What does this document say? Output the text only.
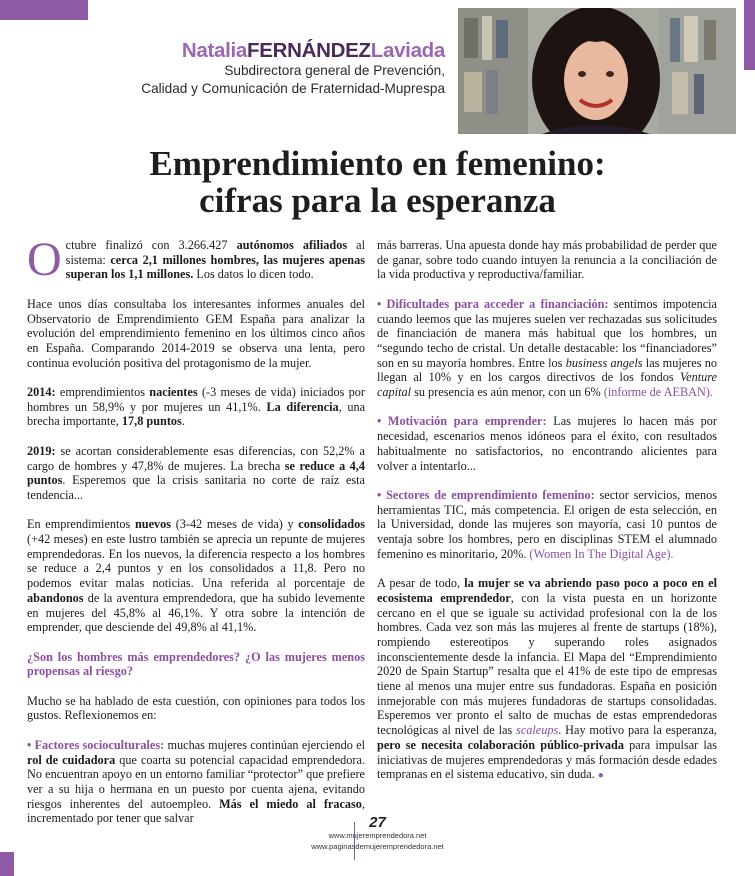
NataliaFERNÁNDEZLaviada
Subdirectora general de Prevención,
Calidad y Comunicación de Fraternidad-Muprespa
Emprendimiento en femenino:
cifras para la esperanza

Octubre finalizó con 3.266.427 autónomos afiliados al sistema: cerca 2,1 millones hombres, las mujeres apenas superan los 1,1 millones. Los datos lo dicen todo.

Hace unos días consultaba los interesantes informes anuales del Observatorio de Emprendimiento GEM España para analizar la evolución del emprendimiento femenino en los últimos cinco años en España. Comparando 2014-2019 se observa una lenta, pero continua evolución positiva del protagonismo de la mujer.

2014: emprendimientos nacientes (-3 meses de vida) iniciados por hombres un 58,9% y por mujeres un 41,1%. La diferencia, una brecha importante, 17,8 puntos.

2019: se acortan considerablemente esas diferencias, con 52,2% a cargo de hombres y 47,8% de mujeres. La brecha se reduce a 4,4 puntos. Esperemos que la crisis sanitaria no corte de raíz esta tendencia...

En emprendimientos nuevos (3-42 meses de vida) y consolidados (+42 meses) en este lustro también se aprecia un repunte de mujeres emprendedoras. En los nuevos, la diferencia respecto a los hombres se reduce a 2,4 puntos y en los consolidados a 11,8. Pero no podemos evitar malas noticias. Una referida al porcentaje de abandonos de la aventura emprendedora, que ha subido levemente en mujeres del 45,8% al 46,1%. Y otra sobre la intención de emprender, que desciende del 49,8% al 41,1%.

¿Son los hombres más emprendedores? ¿O las mujeres menos propensas al riesgo?

Mucho se ha hablado de esta cuestión, con opiniones para todos los gustos. Reflexionemos en:

• Factores socioculturales: muchas mujeres continúan ejerciendo el rol de cuidadora que coarta su potencial capacidad emprendedora. No encuentran apoyo en un entorno familiar “protector” que prefiere ver a su hija o hermana en un puesto por cuenta ajena, evitando riesgos inherentes del autoempleo. Más el miedo al fracaso, incrementado por tener que salvar

más barreras. Una apuesta donde hay más probabilidad de perder que de ganar, sobre todo cuando intuyen la renuncia a la conciliación de la vida productiva y reproductiva/familiar.

• Dificultades para acceder a financiación: sentimos impotencia cuando leemos que las mujeres suelen ver rechazadas sus solicitudes de financiación de manera más habitual que los hombres, un “segundo techo de cristal. Un detalle destacable: los “financiadores” son en su mayoría hombres. Entre los business angels las mujeres no llegan al 10% y en los cargos directivos de los fondos Venture capital su presencia es aún menor, con un 6% (informe de AEBAN).

• Motivación para emprender: Las mujeres lo hacen más por necesidad, escenarios menos idóneos para el éxito, con resultados habitualmente no satisfactorios, no encontrando alicientes para volver a intentarlo...

• Sectores de emprendimiento femenino: sector servicios, menos herramientas TIC, más competencia. El origen de esta selección, en la Universidad, donde las mujeres son mayoría, casi 10 puntos de ventaja sobre los hombres, pero en disciplinas STEM el alumnado femenino es minoritario, 20%. (Women In The Digital Age).

A pesar de todo, la mujer se va abriendo paso poco a poco en el ecosistema emprendedor, con la vista puesta en un horizonte cercano en el que se iguale su actividad profesional con la de los hombres. Cada vez son más las mujeres al frente de startups (18%), rompiendo estereotipos y superando roles asignados inconscientemente desde la infancia. El Mapa del “Emprendimiento 2020 de Spain Startup” resalta que el 41% de este tipo de empresas tiene al menos una mujer entre sus fundadoras. España en posición inmejorable con más mujeres fundadoras de startups consolidadas. Esperemos ver pronto el salto de muchas de estas emprendedoras tecnológicas al nivel de las scaleups. Hay motivo para la esperanza, pero se necesita colaboración público-privada para impulsar las iniciativas de mujeres emprendedoras y más formación desde edades tempranas en el sistema educativo, sin duda. ●

27
www.mujeremprendedora.net
www.paginasdemujeremprendedora.net
